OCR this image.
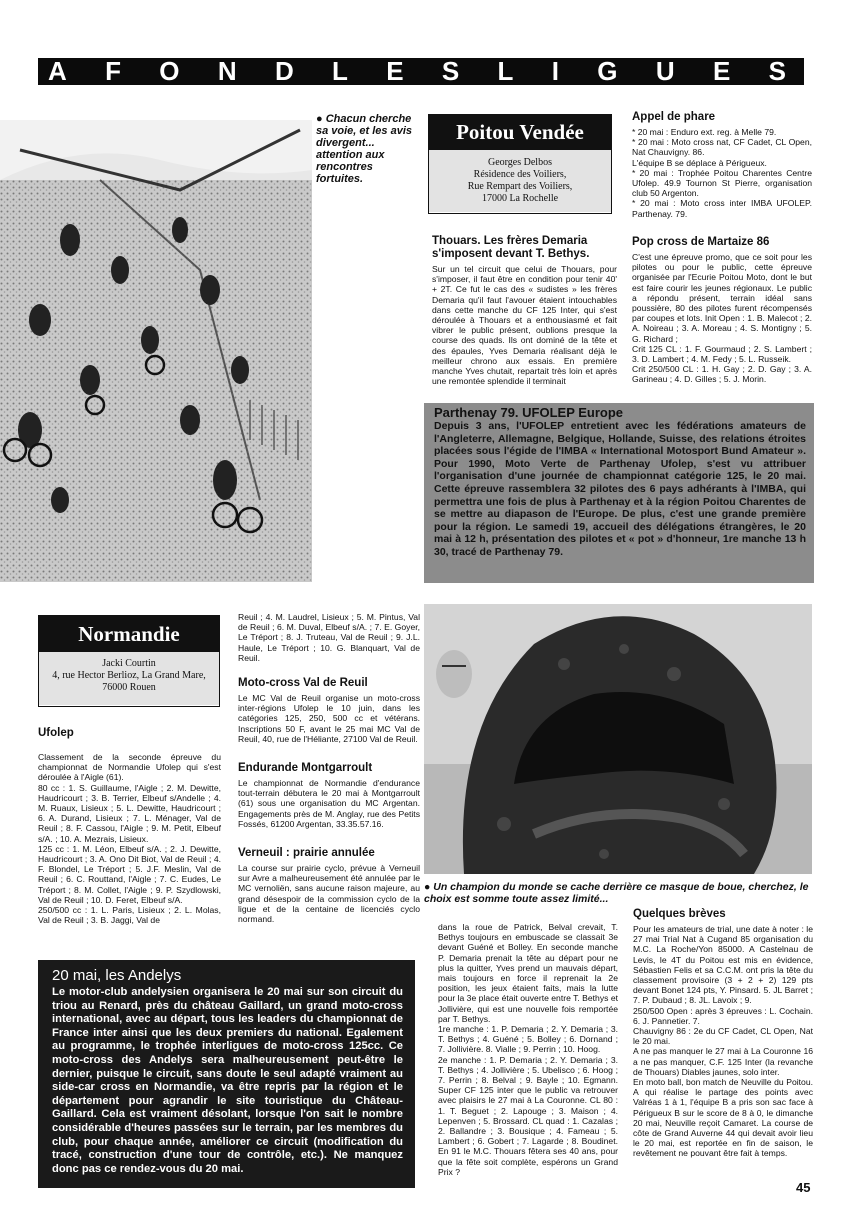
A F O N D L E S L I G U E S
● Chacun cherche sa voie, et les avis divergent... attention aux rencontres fortuites.
Poitou Vendée
Georges Delbos
Résidence des Voiliers,
Rue Rempart des Voiliers,
17000 La Rochelle
Appel de phare

* 20 mai : Enduro ext. reg. à Melle 79.

* 20 mai : Moto cross nat, CF Cadet, CL Open, Nat Chauvigny. 86.

L'équipe B se déplace à Périgueux.

* 20 mai : Trophée Poitou Charentes Centre Ufolep. 49.9 Tournon St Pierre, organisation club 50 Argenton.

* 20 mai : Moto cross inter IMBA UFOLEP. Parthenay. 79.

Thouars. Les frères Demaria s'imposent devant T. Bethys.

Sur un tel circuit que celui de Thouars, pour s'imposer, il faut être en condition pour tenir 40' + 2T. Ce fut le cas des « sudistes » les frères Demaria qu'il faut l'avouer étaient intouchables dans cette manche du CF 125 Inter, qui s'est déroulée à Thouars et a enthousiasmé et fait vibrer le public présent, oublions presque la course des quads. Ils ont dominé de la tête et des épaules, Yves Demaria réalisant déjà le meilleur chrono aux essais. En première manche Yves chutait, repartait très loin et après une remontée splendide il terminait

Pop cross de Martaize 86

C'est une épreuve promo, que ce soit pour les pilotes ou pour le public, cette épreuve organisée par l'Ecurie Poitou Moto, dont le but est faire courir les jeunes régionaux. Le public a répondu présent, terrain idéal sans poussière, 80 des pilotes furent récompensés par coupes et lots. Init Open : 1. B. Malecot ; 2. A. Noireau ; 3. A. Moreau ; 4. S. Montigny ; 5. G. Richard ;

Crit 125 CL : 1. F. Gourmaud ; 2. S. Lambert ; 3. D. Lambert ; 4. M. Fedy ; 5. L. Russeik.

Crit 250/500 CL : 1. H. Gay ; 2. D. Gay ; 3. A. Garineau ; 4. D. Gilles ; 5. J. Morin.

Parthenay 79. UFOLEP Europe

Depuis 3 ans, l'UFOLEP entretient avec les fédérations amateurs de l'Angleterre, Allemagne, Belgique, Hollande, Suisse, des relations étroites placées sous l'égide de l'IMBA « International Motosport Bund Amateur ». Pour 1990, Moto Verte de Parthenay Ufolep, s'est vu attribuer l'organisation d'une journée de championnat catégorie 125, le 20 mai. Cette épreuve rassemblera 32 pilotes des 6 pays adhérants à l'IMBA, qui permettra une fois de plus à Parthenay et à la région Poitou Charentes de se mettre au diapason de l'Europe. De plus, c'est une grande première pour la région. Le samedi 19, accueil des délégations étrangères, le 20 mai à 12 h, présentation des pilotes et « pot » d'honneur, 1re manche 13 h 30, tracé de Parthenay 79.

Normandie
Jacki Courtin
4, rue Hector Berlioz, La Grand Mare,
76000 Rouen
Ufolep

Classement de la seconde épreuve du championnat de Normandie Ufolep qui s'est déroulée à l'Aigle (61).

80 cc : 1. S. Guillaume, l'Aigle ; 2. M. Dewitte, Haudricourt ; 3. B. Terrier, Elbeuf s/Andelle ; 4. M. Ruaux, Lisieux ; 5. L. Dewitte, Haudricourt ; 6. A. Durand, Lisieux ; 7. L. Ménager, Val de Reuil ; 8. F. Cassou, l'Aigle ; 9. M. Petit, Elbeuf s/A. ; 10. A. Mezrais, Lisieux.

125 cc : 1. M. Léon, Elbeuf s/A. ; 2. J. Dewitte, Haudricourt ; 3. A. Ono Dit Biot, Val de Reuil ; 4. F. Blondel, Le Tréport ; 5. J.F. Meslin, Val de Reuil ; 6. C. Routtand, l'Aigle ; 7. C. Eudes, Le Tréport ; 8. M. Collet, l'Aigle ; 9. P. Szydlowski, Val de Reuil ; 10. D. Feret, Elbeuf s/A.

250/500 cc : 1. L. Paris, Lisieux ; 2. L. Molas, Val de Reuil ; 3. B. Jaggi, Val de

Reuil ; 4. M. Laudrel, Lisieux ; 5. M. Pintus, Val de Reuil ; 6. M. Duval, Elbeuf s/A. ; 7. E. Goyer, Le Tréport ; 8. J. Truteau, Val de Reuil ; 9. J.L. Haule, Le Tréport ; 10. G. Blanquart, Val de Reuil.

Moto-cross Val de Reuil

Le MC Val de Reuil organise un moto-cross inter-régions Ufolep le 10 juin, dans les catégories 125, 250, 500 cc et vétérans. Inscriptions 50 F, avant le 25 mai MC Val de Reuil, 40, rue de l'Héliante, 27100 Val de Reuil.

Endurande Montgarroult

Le championnat de Normandie d'endurance tout-terrain débutera le 20 mai à Montgarroult (61) sous une organisation du MC Argentan. Engagements près de M. Anglay, rue des Petits Fossés, 61200 Argentan, 33.35.57.16.

Verneuil : prairie annulée

La course sur prairie cyclo, prévue à Verneuil sur Avre a malheureusement été annulée par le MC vernoliën, sans aucune raison majeure, au grand désespoir de la commission cyclo de la ligue et de la centaine de licenciés cyclo normand.

● Un champion du monde se cache derrière ce masque de boue, cherchez, le choix est somme toute assez limité...
20 mai, les Andelys

Le motor-club andelysien organisera le 20 mai sur son circuit du triou au Renard, près du château Gaillard, un grand moto-cross international, avec au départ, tous les leaders du championnat de France inter ainsi que les deux premiers du national. Egalement au programme, le trophée interligues de moto-cross 125cc. Ce moto-cross des Andelys sera malheureusement peut-être le dernier, puisque le circuit, sans doute le seul adapté vraiment au side-car cross en Normandie, va être repris par la région et le département pour agrandir le site touristique du Château-Gaillard. Cela est vraiment désolant, lorsque l'on sait le nombre considérable d'heures passées sur le terrain, par les membres du club, pour chaque année, améliorer ce circuit (modification du tracé, construction d'une tour de contrôle, etc.). Ne manquez donc pas ce rendez-vous du 20 mai.

dans la roue de Patrick, Belval crevait, T. Bethys toujours en embuscade se classait 3e devant Guéné et Bolley. En seconde manche P. Demaria prenait la tête au départ pour ne plus la quitter, Yves prend un mauvais départ, mais toujours en force il reprenait la 2e position, les jeux étaient faits, mais la lutte pour la 3e place était ouverte entre T. Bethys et Jollivière, qui est une nouvelle fois remportée par T. Bethys.

1re manche : 1. P. Demaria ; 2. Y. Demaria ; 3. T. Bethys ; 4. Guéné ; 5. Bolley ; 6. Dornand ; 7. Jollivière. 8. Vialle ; 9. Perrin ; 10. Hoog.

2e manche : 1. P. Demaria ; 2. Y. Demaria ; 3. T. Bethys ; 4. Jollivière ; 5. Ubelisco ; 6. Hoog ; 7. Perrin ; 8. Belval ; 9. Bayle ; 10. Egmann. Super CF 125 inter que le public va retrouver avec plaisirs le 27 mai à La Couronne. CL 80 : 1. T. Beguet ; 2. Lapouge ; 3. Maison ; 4. Lepenven ; 5. Brossard. CL quad : 1. Cazalas ; 2. Ballandre ; 3. Bousique ; 4. Fameau ; 5. Lambert ; 6. Gobert ; 7. Lagarde ; 8. Boudinet. En 91 le M.C. Thouars fêtera ses 40 ans, pour que la fête soit complète, espérons un Grand Prix ?

Quelques brèves

Pour les amateurs de trial, une date à noter : le 27 mai Trial Nat à Cugand 85 organisation du M.C. La Roche/Yon 85000. A Castelnau de Levis, le 4T du Poitou est mis en évidence, Sébastien Felis et sa C.C.M. ont pris la tête du classement provisoire (3 + 2 + 2) 129 pts devant Bonet 124 pts, Y. Pinsard. 5. JL Barret ; 7. P. Dubaud ; 8. JL. Lavoix ; 9.

250/500 Open : après 3 épreuves : L. Cochain. 6. J. Pannetier. 7.

Chauvigny 86 : 2e du CF Cadet, CL Open, Nat le 20 mai.

A ne pas manquer le 27 mai à La Couronne 16 a ne pas manquer, C.F. 125 Inter (la revanche de Thouars) Diables jaunes, solo inter.

En moto ball, bon match de Neuville du Poitou. A qui réalise le partage des points avec Valréas 1 à 1, l'équipe B a pris son sac face à Périgueux B sur le score de 8 à 0, le dimanche 20 mai, Neuville reçoit Camaret. La course de côte de Grand Auverne 44 qui devait avoir lieu le 20 mai, est reportée en fin de saison, le revêtement ne pouvant être fait à temps.

45
